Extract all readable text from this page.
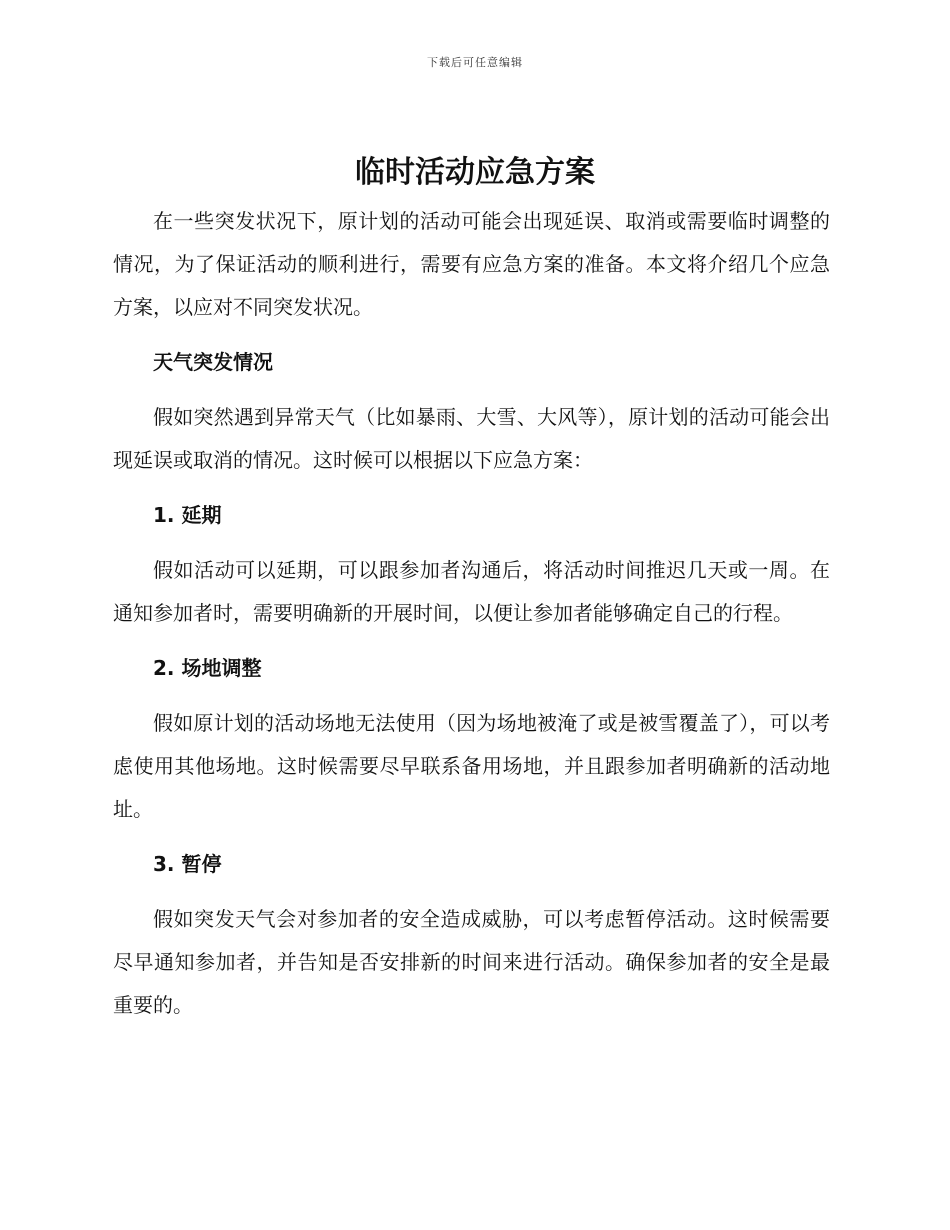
下载后可任意编辑
临时活动应急方案

在一些突发状况下，原计划的活动可能会出现延误、取消或需要临时调整的情况，为了保证活动的顺利进行，需要有应急方案的准备。本文将介绍几个应急方案，以应对不同突发状况。

天气突发情况

假如突然遇到异常天气（比如暴雨、大雪、大风等），原计划的活动可能会出现延误或取消的情况。这时候可以根据以下应急方案：

1. 延期

假如活动可以延期，可以跟参加者沟通后，将活动时间推迟几天或一周。在通知参加者时，需要明确新的开展时间，以便让参加者能够确定自己的行程。

2. 场地调整

假如原计划的活动场地无法使用（因为场地被淹了或是被雪覆盖了），可以考虑使用其他场地。这时候需要尽早联系备用场地，并且跟参加者明确新的活动地址。

3. 暂停

假如突发天气会对参加者的安全造成威胁，可以考虑暂停活动。这时候需要尽早通知参加者，并告知是否安排新的时间来进行活动。确保参加者的安全是最重要的。
